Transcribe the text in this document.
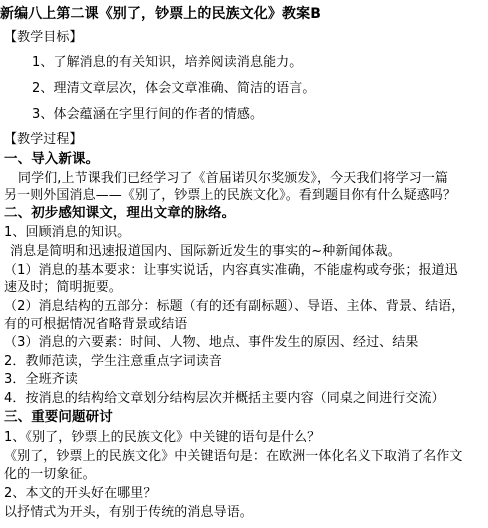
新编八上第二课《别了，钞票上的民族文化》教案B
【教学目标】
1、了解消息的有关知识，培养阅读消息能力。
2、理清文章层次，体会文章准确、简洁的语言。
3、体会蕴涵在字里行间的作者的情感。
【教学过程】
一、导入新课。
同学们,上节课我们已经学习了《首届诺贝尔奖颁发》，今天我们将学习一篇
另一则外国消息——《别了，钞票上的民族文化》。看到题目你有什么疑惑吗？
二、初步感知课文，理出文章的脉络。
1、回顾消息的知识。
消息是简明和迅速报道国内、国际新近发生的事实的~种新闻体裁。
（1）消息的基本要求：让事实说话，内容真实准确，不能虚构或夸张；报道迅
速及时；简明扼要。
（2）消息结构的五部分：标题（有的还有副标题）、导语、主体、背景、结语，
有的可根据情况省略背景或结语
（3）消息的六要素：时间、人物、地点、事件发生的原因、经过、结果
2．教师范读，学生注意重点字词读音
3．全班齐读
4．按消息的结构给文章划分结构层次并概括主要内容（同桌之间进行交流）
三、重要问题研讨
1、《别了，钞票上的民族文化》中关键的语句是什么？
《别了，钞票上的民族文化》中关键语句是：在欧洲一体化名义下取消了名作文
化的一切象征。
2、本文的开头好在哪里？
以抒情式为开头，有别于传统的消息导语。
